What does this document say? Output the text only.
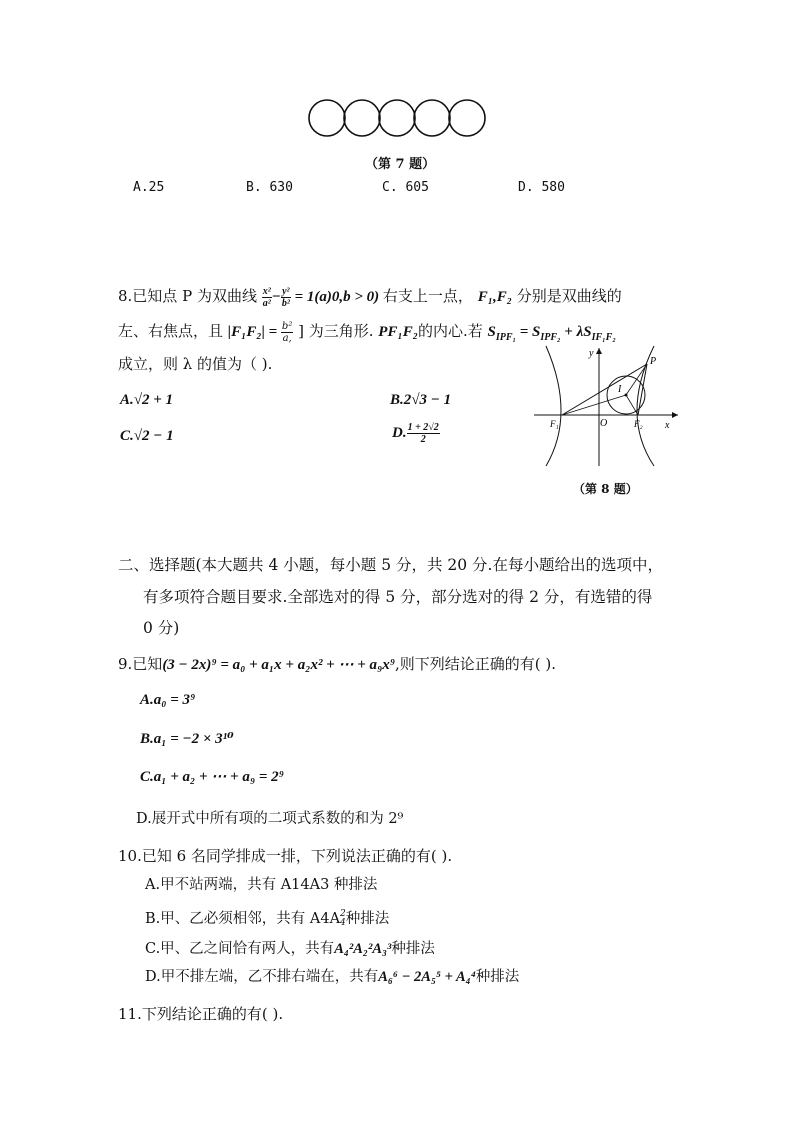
（第 7 题）
A.25	B. 630	C. 605	D. 580
8.已知点 P 为双曲线 $\frac{\text{x²}}{\text{a²}} - \frac{\text{y²}}{\text{b²}} = 1(a)0,b > 0$) 右支上一点， F₁,F₂ 分别是双曲线的
左、右焦点，且 $|F_1F_2| = \frac{\text{b²}}{a,}$ ] 为三角形. PF₁F₂的内心.若 $S_{IPF_1} = S_{IPF_2} + \lambda S_{IF_1F_2}$
成立，则 λ 的值为（ ).
A.√2 + 1	B.2√3 − 1
C.√2 − 1	D. $\frac{1 + 2√2}{2}$
y
P
I
F₁	O	F₂ x
（第 8 题）
二、选择题(本大题共 4 小题，每小题 5 分，共 20 分.在每小题给出的选项中，
有多项符合题目要求.全部选对的得 5 分，部分选对的得 2 分，有选错的得
0 分)
9.已知(3 − 2x)⁹ = a₀ + a₁x + a₂x² + ⋯ + a₉x⁹,则下列结论正确的有( ).
A.a₀ = 3⁹
B.a₁ = −2 × 3¹⁰
C.a₁ + a₂ + ⋯ + a₉ = 2⁹
D.展开式中所有项的二项式系数的和为 2⁹
10.已知 6 名同学排成一排，下列说法正确的有( ).
A.甲不站两端，共有 A14A3 种排法
B.甲、乙必须相邻，共有 A4A 2
4 种排法
C.甲、乙之间恰有两人，共有A₄²A₂²A₃³种排法
D.甲不排左端，乙不排右端在，共有A₆⁶ − 2A₅⁵ + A₄⁴种排法
11.下列结论正确的有( ).
